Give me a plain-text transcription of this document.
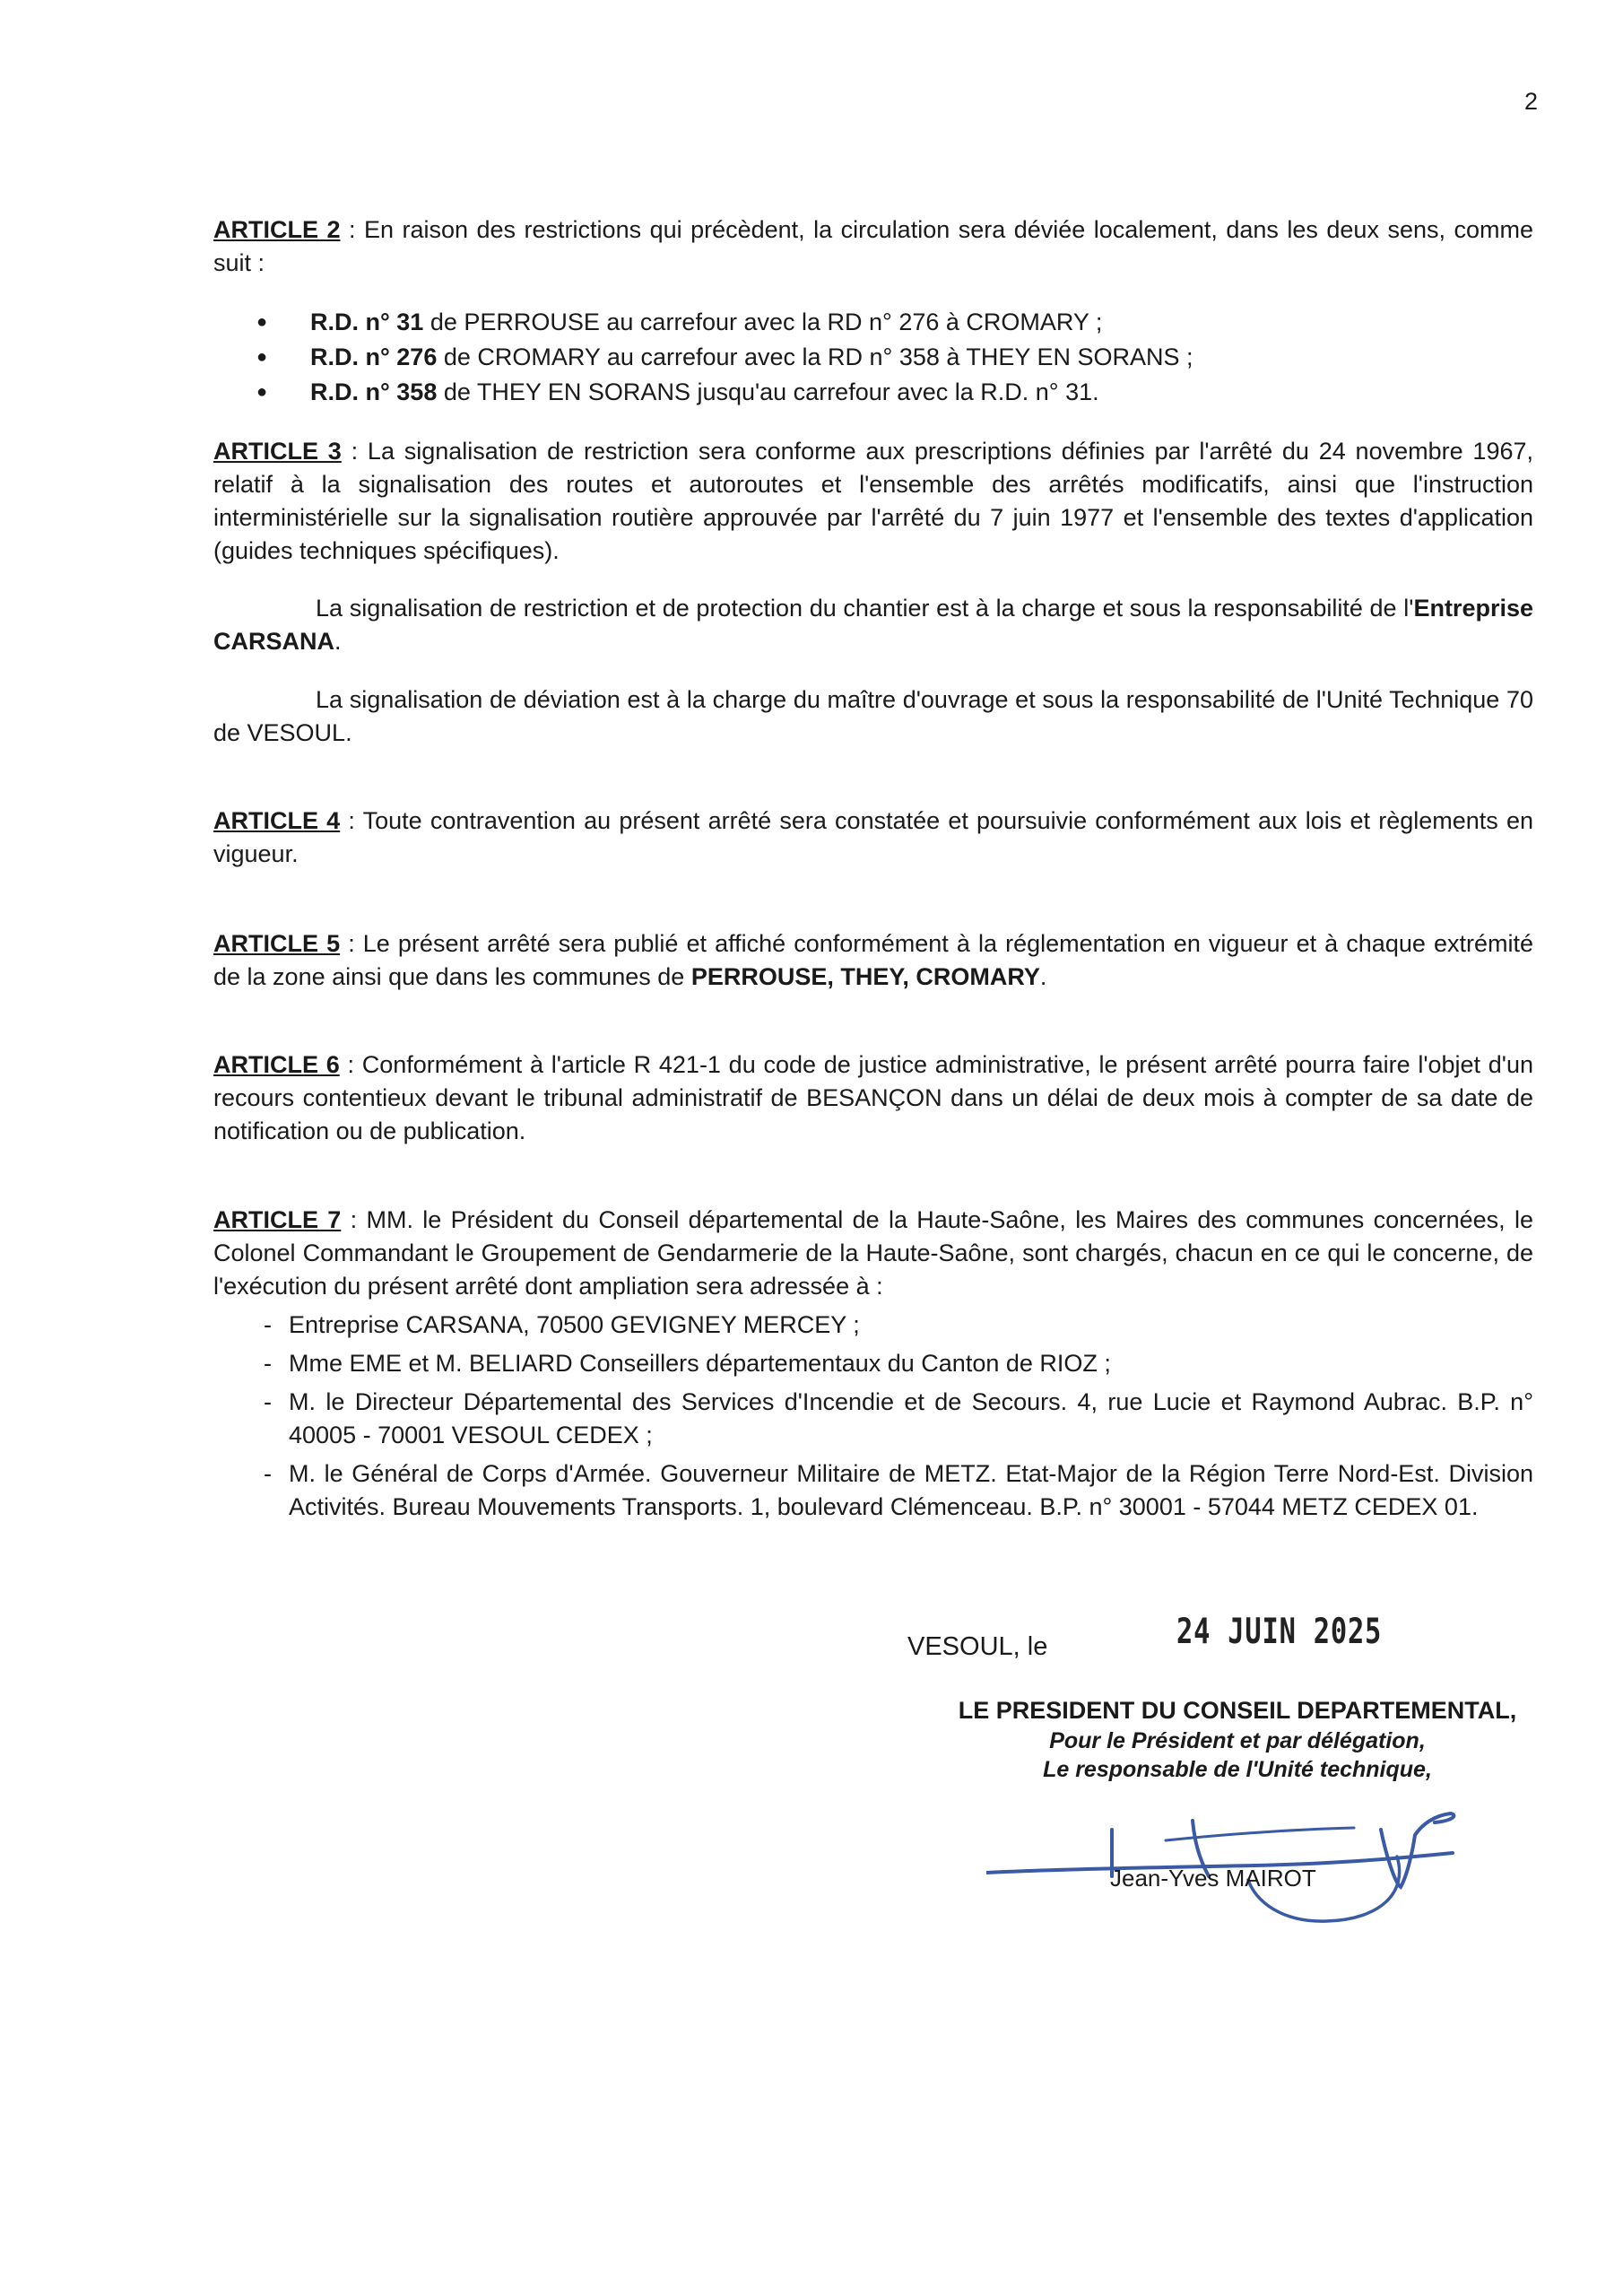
2

ARTICLE 2 : En raison des restrictions qui précèdent, la circulation sera déviée localement, dans les deux sens, comme suit :

● R.D. n° 31 de PERROUSE au carrefour avec la RD n° 276 à CROMARY ;
● R.D. n° 276 de CROMARY au carrefour avec la RD n° 358 à THEY EN SORANS ;
● R.D. n° 358 de THEY EN SORANS jusqu'au carrefour avec la R.D. n° 31.

ARTICLE 3 : La signalisation de restriction sera conforme aux prescriptions définies par l'arrêté du 24 novembre 1967, relatif à la signalisation des routes et autoroutes et l'ensemble des arrêtés modificatifs, ainsi que l'instruction interministérielle sur la signalisation routière approuvée par l'arrêté du 7 juin 1977 et l'ensemble des textes d'application (guides techniques spécifiques).

La signalisation de restriction et de protection du chantier est à la charge et sous la responsabilité de l'Entreprise CARSANA.

La signalisation de déviation est à la charge du maître d'ouvrage et sous la responsabilité de l'Unité Technique 70 de VESOUL.

ARTICLE 4 : Toute contravention au présent arrêté sera constatée et poursuivie conformément aux lois et règlements en vigueur.

ARTICLE 5 : Le présent arrêté sera publié et affiché conformément à la réglementation en vigueur et à chaque extrémité de la zone ainsi que dans les communes de PERROUSE, THEY, CROMARY.

ARTICLE 6 : Conformément à l'article R 421-1 du code de justice administrative, le présent arrêté pourra faire l'objet d'un recours contentieux devant le tribunal administratif de BESANÇON dans un délai de deux mois à compter de sa date de notification ou de publication.

ARTICLE 7 : MM. le Président du Conseil départemental de la Haute-Saône, les Maires des communes concernées, le Colonel Commandant le Groupement de Gendarmerie de la Haute-Saône, sont chargés, chacun en ce qui le concerne, de l'exécution du présent arrêté dont ampliation sera adressée à :

- Entreprise CARSANA, 70500 GEVIGNEY MERCEY ;
- Mme EME et M. BELIARD Conseillers départementaux du Canton de RIOZ ;
- M. le Directeur Départemental des Services d'Incendie et de Secours. 4, rue Lucie et Raymond Aubrac. B.P. n° 40005 - 70001 VESOUL CEDEX ;
- M. le Général de Corps d'Armée. Gouverneur Militaire de METZ. Etat-Major de la Région Terre Nord-Est. Division Activités. Bureau Mouvements Transports. 1, boulevard Clémenceau. B.P. n° 30001 - 57044 METZ CEDEX 01.
VESOUL, le	24 JUIN 2025
LE PRESIDENT DU CONSEIL DEPARTEMENTAL,
Pour le Président et par délégation,
Le responsable de l'Unité technique,
Jean-Yves MAIROT
